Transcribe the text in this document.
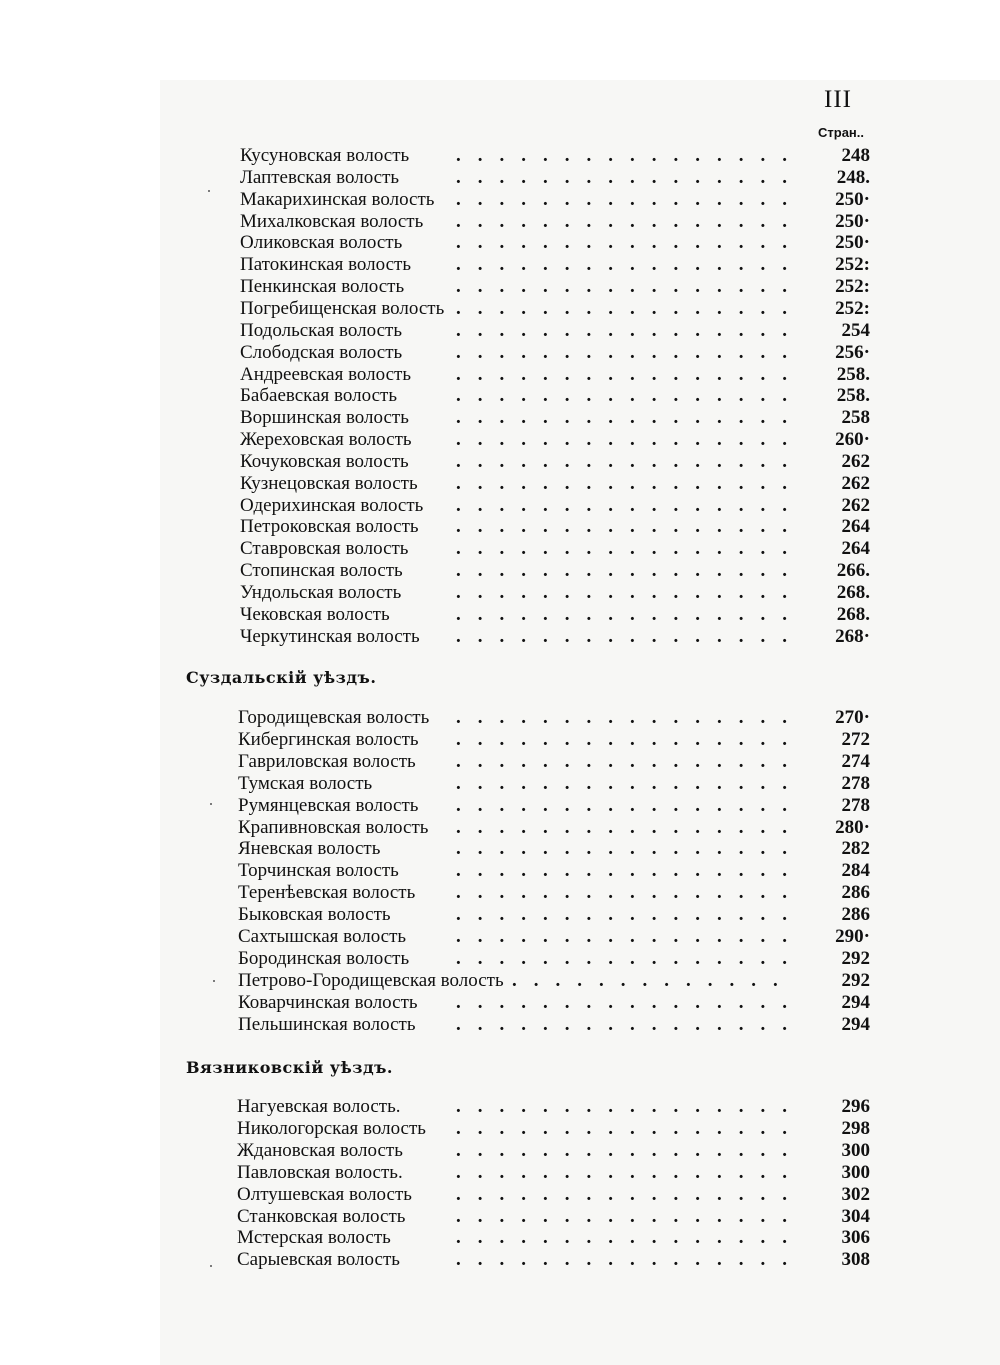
III
Стран..
Суздальскій уѣздъ.
Вязниковскій уѣздъ.
Кусуновская волость ................	248
Лаптевская волость	................	248.
Макарихинская волость ................	250·
Михалковская волость ................	250·
Оликовская волость	................	250·
Патокинская волость ................	252:
Пенкинская волость	................	252:
Погребищенская волость ................	252:
Подольская волость	................	254
Слободская волость	................	256·
Андреевская волость ................	258.
Бабаевская волость	................	258.
Воршинская волость ................	258
Жереховская волость ................	260·
Кочуковская волость ................	262
Кузнецовская волость ................	262
Одерихинская волость ................	262
Петроковская волость ................	264
Ставровская волость	................	264
Стопинская волость	................	266.
Ундольская волость	................	268.
Чековская волость	................	268.
Черкутинская волость ................	268·
Городищевская волость ................	270·
Кибергинская волость ................	272
Гавриловская волость ................	274
Тумская волость	................	278
Румянцевская волость ................	278
Крапивновская волость ................	280·
Яневская волость	................	282
Торчинская волость	................	284
Теренѣевская волость ................	286
Быковская волость	................	286
Сахтышская волость	................	290·
Бородинская волость ................	292
Петрово-Городищевская волость .............	292
Коварчинская волость ................	294
Пельшинская волость ................	294
Нагуевская волость.	................	296
Никологорская волость ................	298
Ждановская волость	................	300
Павловская волость.	................	300
Олтушевская волость ................	302
Станковская волость	................	304
Мстерская волость	................	306
Сарыевская волость	................	308
